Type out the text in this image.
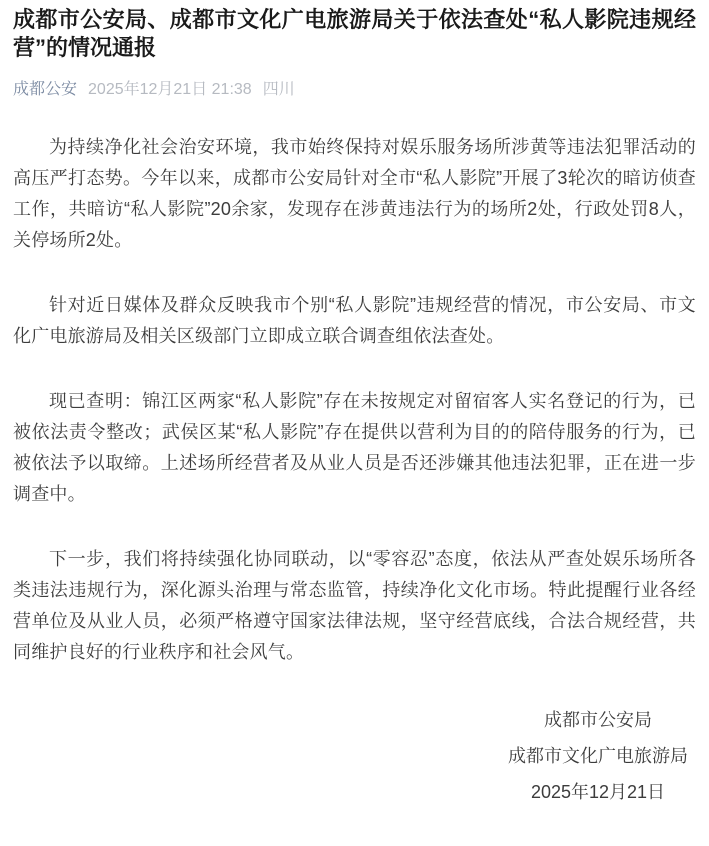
成都市公安局、成都市文化广电旅游局关于依法查处“私人影院违规经营”的情况通报
成都公安 2025年12月21日 21:38 四川

为持续净化社会治安环境，我市始终保持对娱乐服务场所涉黄等违法犯罪活动的高压严打态势。今年以来，成都市公安局针对全市“私人影院”开展了3轮次的暗访侦查工作，共暗访“私人影院”20余家，发现存在涉黄违法行为的场所2处，行政处罚8人，关停场所2处。

针对近日媒体及群众反映我市个别“私人影院”违规经营的情况，市公安局、市文化广电旅游局及相关区级部门立即成立联合调查组依法查处。

现已查明：锦江区两家“私人影院”存在未按规定对留宿客人实名登记的行为，已被依法责令整改；武侯区某“私人影院”存在提供以营利为目的的陪侍服务的行为，已被依法予以取缔。上述场所经营者及从业人员是否还涉嫌其他违法犯罪，正在进一步调查中。

下一步，我们将持续强化协同联动，以“零容忍”态度，依法从严查处娱乐场所各类违法违规行为，深化源头治理与常态监管，持续净化文化市场。特此提醒行业各经营单位及从业人员，必须严格遵守国家法律法规，坚守经营底线，合法合规经营，共同维护良好的行业秩序和社会风气。

成都市公安局
成都市文化广电旅游局
2025年12月21日
